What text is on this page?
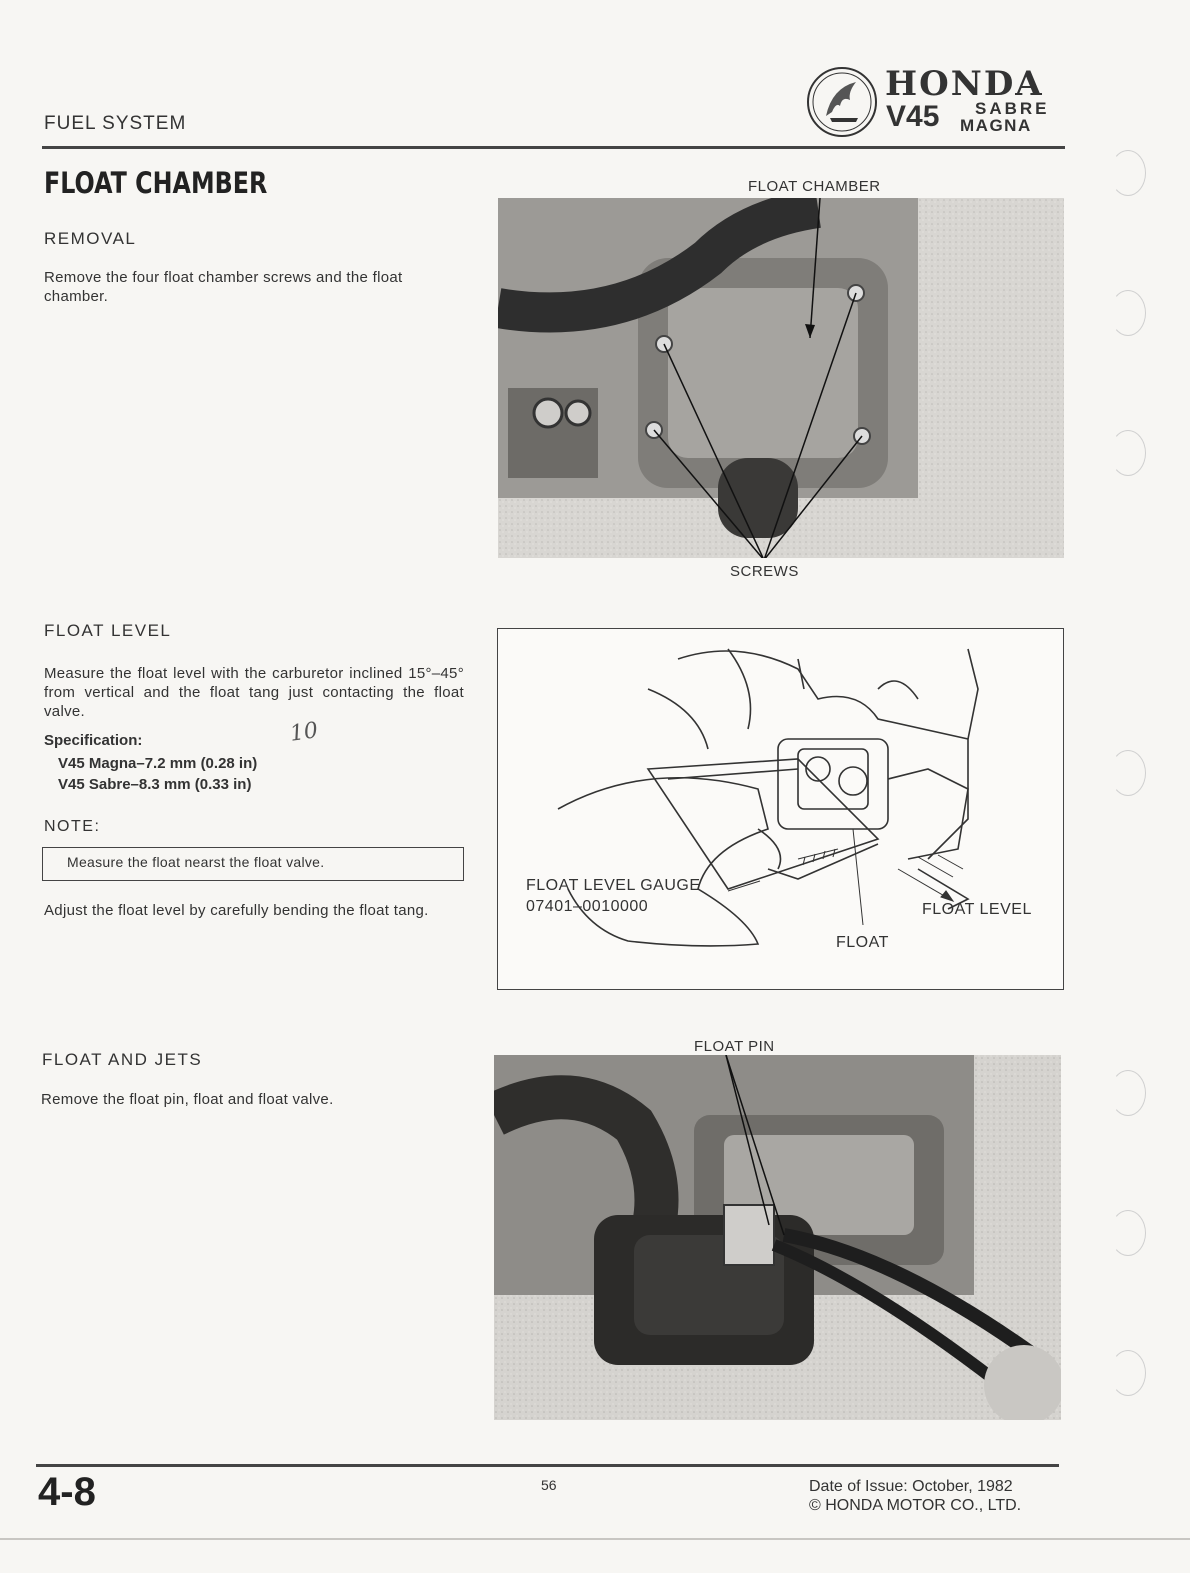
FUEL SYSTEM
HONDA
V45 SABRE
MAGNA
FLOAT CHAMBER
REMOVAL
Remove the four float chamber screws and the float chamber.
FLOAT CHAMBER
SCREWS
FLOAT LEVEL
Measure the float level with the carburetor inclined 15°–45° from vertical and the float tang just contacting the float valve.
10
Specification:
V45 Magna–7.2 mm (0.28 in)
V45 Sabre–8.3 mm (0.33 in)
NOTE:
Measure the float nearst the float valve.
Adjust the float level by carefully bending the float tang.
FLOAT LEVEL GAUGE
07401–0010000
FLOAT
FLOAT LEVEL
FLOAT AND JETS
Remove the float pin, float and float valve.
FLOAT PIN
4-8	56	Date of Issue: October, 1982
© HONDA MOTOR CO., LTD.
